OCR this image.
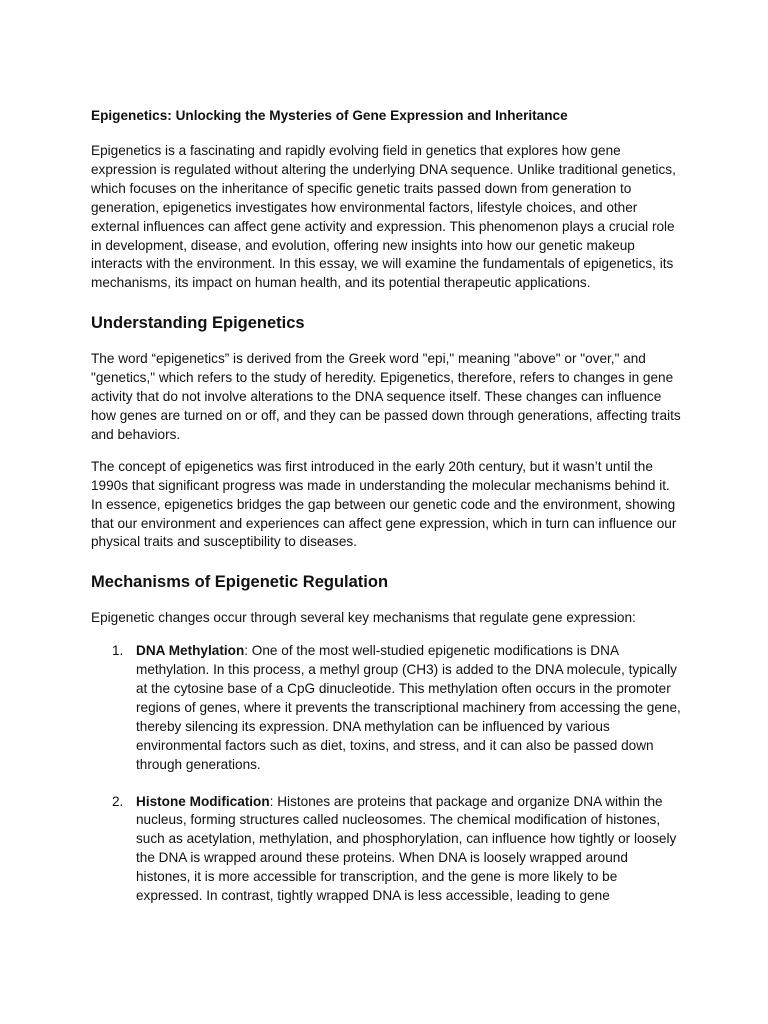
Epigenetics: Unlocking the Mysteries of Gene Expression and Inheritance

Epigenetics is a fascinating and rapidly evolving field in genetics that explores how gene expression is regulated without altering the underlying DNA sequence. Unlike traditional genetics, which focuses on the inheritance of specific genetic traits passed down from generation to generation, epigenetics investigates how environmental factors, lifestyle choices, and other external influences can affect gene activity and expression. This phenomenon plays a crucial role in development, disease, and evolution, offering new insights into how our genetic makeup interacts with the environment. In this essay, we will examine the fundamentals of epigenetics, its mechanisms, its impact on human health, and its potential therapeutic applications.

Understanding Epigenetics

The word “epigenetics” is derived from the Greek word "epi," meaning "above" or "over," and "genetics," which refers to the study of heredity. Epigenetics, therefore, refers to changes in gene activity that do not involve alterations to the DNA sequence itself. These changes can influence how genes are turned on or off, and they can be passed down through generations, affecting traits and behaviors.

The concept of epigenetics was first introduced in the early 20th century, but it wasn’t until the 1990s that significant progress was made in understanding the molecular mechanisms behind it. In essence, epigenetics bridges the gap between our genetic code and the environment, showing that our environment and experiences can affect gene expression, which in turn can influence our physical traits and susceptibility to diseases.

Mechanisms of Epigenetic Regulation

Epigenetic changes occur through several key mechanisms that regulate gene expression:

1. DNA Methylation: One of the most well-studied epigenetic modifications is DNA methylation. In this process, a methyl group (CH3) is added to the DNA molecule, typically at the cytosine base of a CpG dinucleotide. This methylation often occurs in the promoter regions of genes, where it prevents the transcriptional machinery from accessing the gene, thereby silencing its expression. DNA methylation can be influenced by various environmental factors such as diet, toxins, and stress, and it can also be passed down through generations.
2. Histone Modification: Histones are proteins that package and organize DNA within the nucleus, forming structures called nucleosomes. The chemical modification of histones, such as acetylation, methylation, and phosphorylation, can influence how tightly or loosely the DNA is wrapped around these proteins. When DNA is loosely wrapped around histones, it is more accessible for transcription, and the gene is more likely to be expressed. In contrast, tightly wrapped DNA is less accessible, leading to gene
